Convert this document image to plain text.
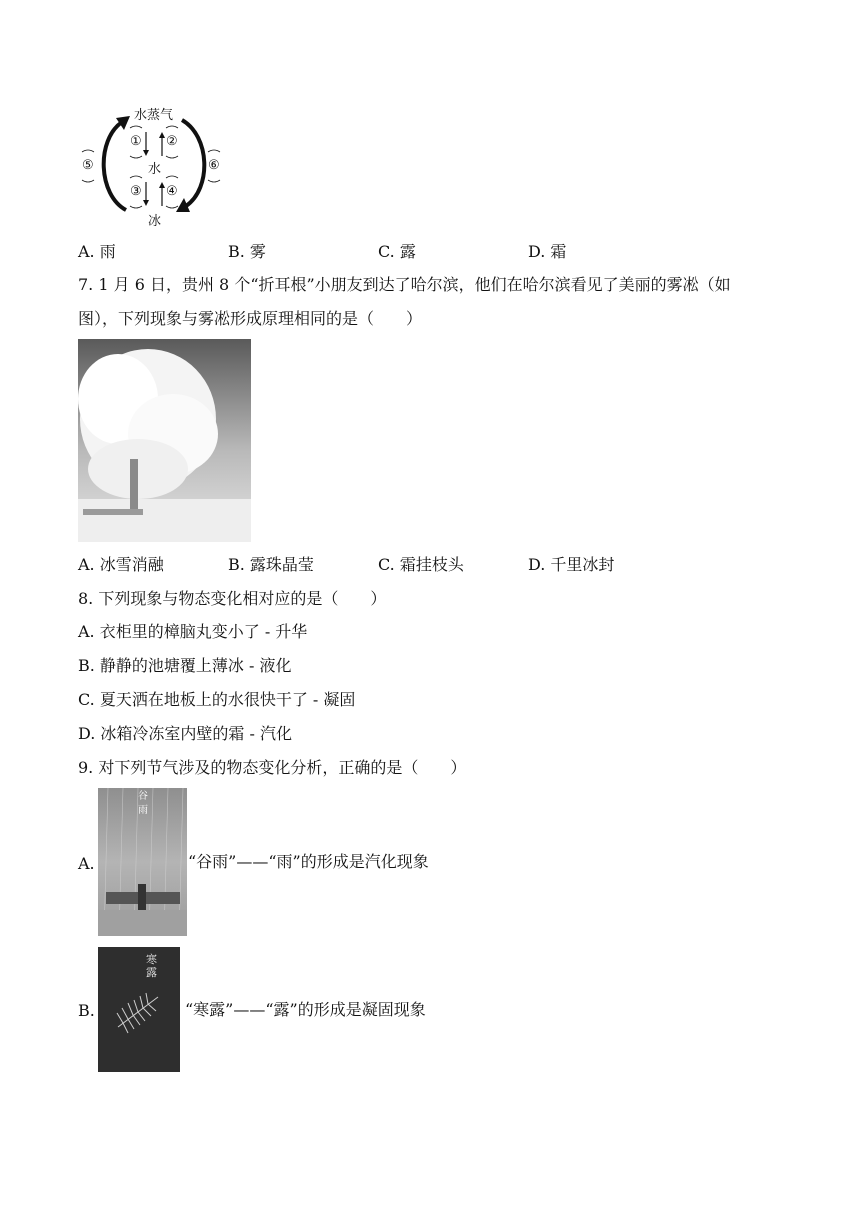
水蒸气
水
冰
① ②
③ ④
⑤	⑥
A. 雨	B. 雾	C. 露	D. 霜
7. 1 月 6 日，贵州 8 个“折耳根”小朋友到达了哈尔滨，他们在哈尔滨看见了美丽的雾凇（如
图），下列现象与雾凇形成原理相同的是（　　）
A. 冰雪消融	B. 露珠晶莹	C. 霜挂枝头	D. 千里冰封
8. 下列现象与物态变化相对应的是（　　）
A. 衣柜里的樟脑丸变小了 - 升华
B. 静静的池塘覆上薄冰 - 液化
C. 夏天洒在地板上的水很快干了 - 凝固
D. 冰箱冷冻室内壁的霜 - 汽化
9. 对下列节气涉及的物态变化分析，正确的是（　　）
A.
谷雨
“谷雨”——“雨”的形成是汽化现象
B.
寒露
“寒露”——“露”的形成是凝固现象
